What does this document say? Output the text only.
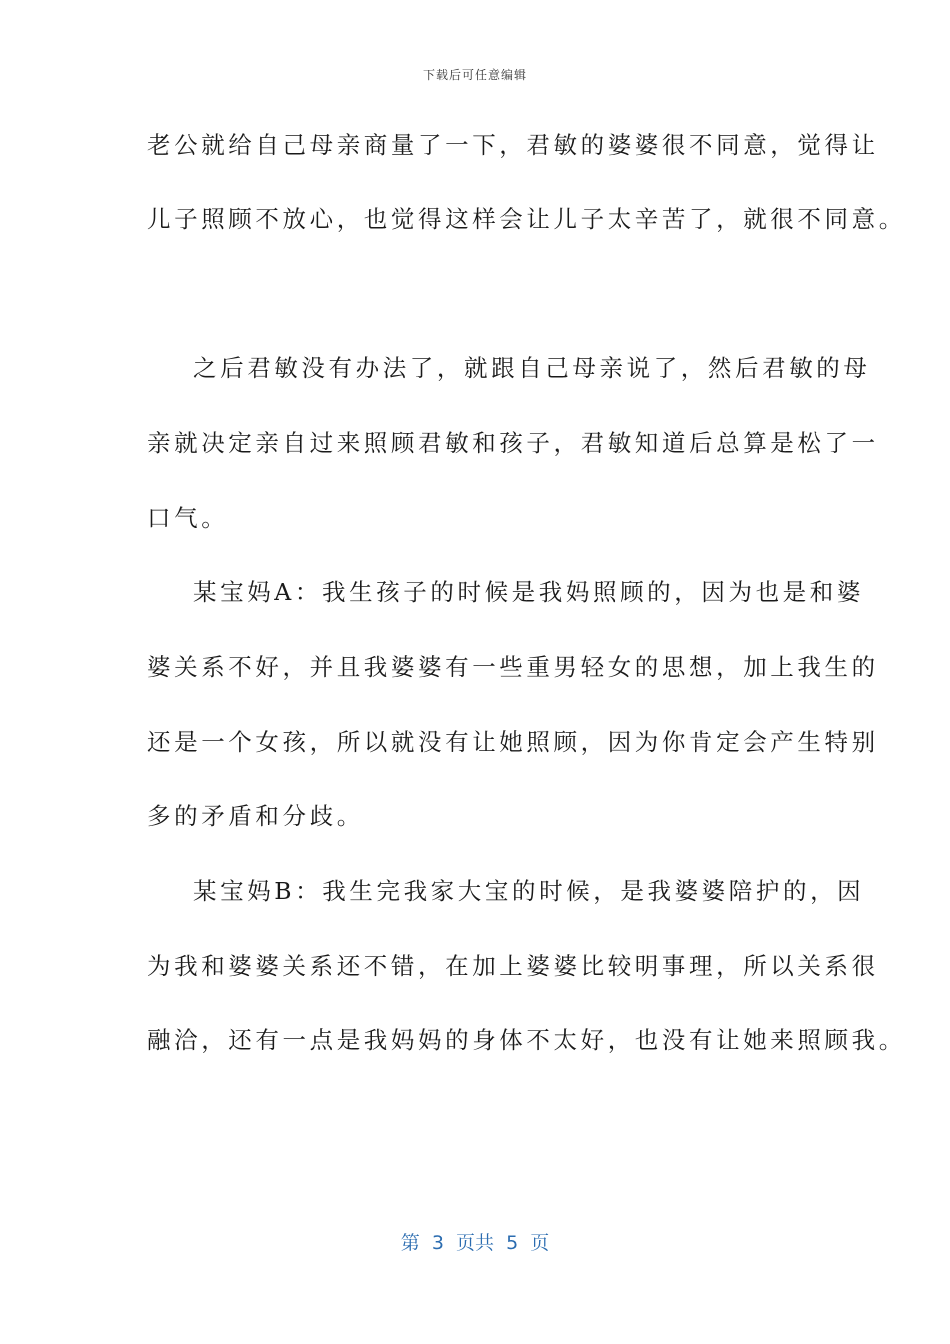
下载后可任意编辑
老公就给自己母亲商量了一下，君敏的婆婆很不同意，觉得让
儿子照顾不放心，也觉得这样会让儿子太辛苦了，就很不同意。
之后君敏没有办法了，就跟自己母亲说了，然后君敏的母
亲就决定亲自过来照顾君敏和孩子，君敏知道后总算是松了一
口气。
某宝妈A：我生孩子的时候是我妈照顾的，因为也是和婆
婆关系不好，并且我婆婆有一些重男轻女的思想，加上我生的
还是一个女孩，所以就没有让她照顾，因为你肯定会产生特别
多的矛盾和分歧。
某宝妈B：我生完我家大宝的时候，是我婆婆陪护的，因
为我和婆婆关系还不错，在加上婆婆比较明事理，所以关系很
融洽，还有一点是我妈妈的身体不太好，也没有让她来照顾我。
第  3  页共  5  页
